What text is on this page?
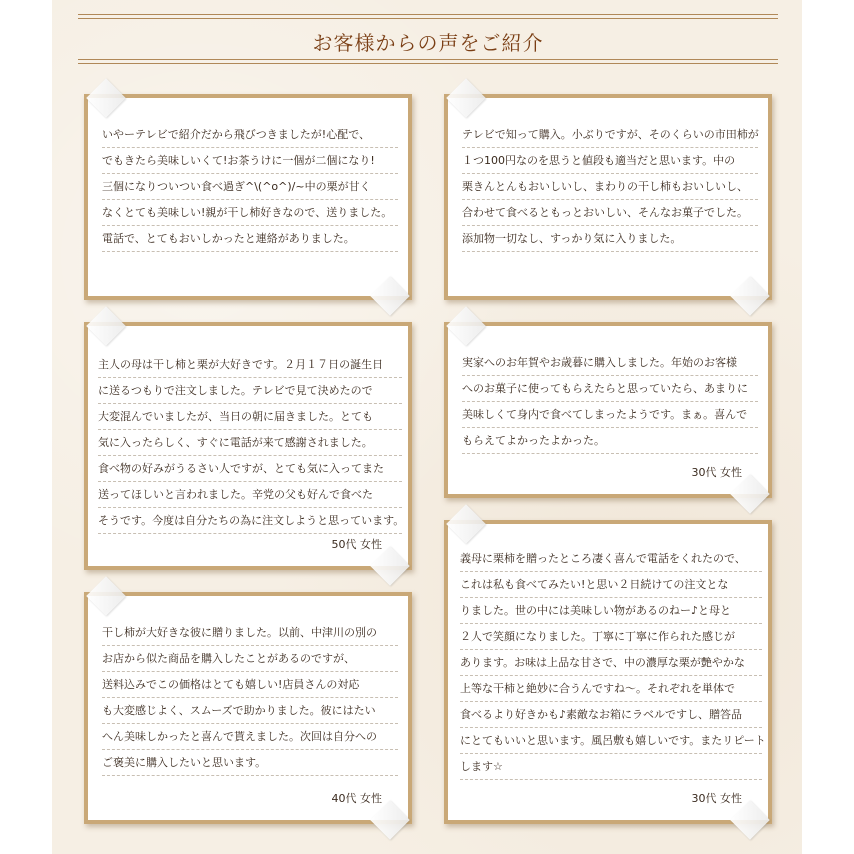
お客様からの声をご紹介
いやーテレビで紹介だから飛びつきましたが!心配で、
でもきたら美味しいくて!お茶うけに一個が二個になり!
三個になりついつい食べ過ぎ^\(^o^)/~中の栗が甘く
なくとても美味しい!親が干し柿好きなので、送りました。
電話で、とてもおいしかったと連絡がありました。
テレビで知って購入。小ぶりですが、そのくらいの市田柿が
１つ100円なのを思うと値段も適当だと思います。中の
栗きんとんもおいしいし、まわりの干し柿もおいしいし、
合わせて食べるともっとおいしい、そんなお菓子でした。
添加物一切なし、すっかり気に入りました。
主人の母は干し柿と栗が大好きです。２月１７日の誕生日
に送るつもりで注文しました。テレビで見て決めたので
大変混んでいましたが、当日の朝に届きました。とても
気に入ったらしく、すぐに電話が来て感謝されました。
食べ物の好みがうるさい人ですが、とても気に入ってまた
送ってほしいと言われました。辛党の父も好んで食べた
そうです。今度は自分たちの為に注文しようと思っています。
50代 女性
実家へのお年賀やお歳暮に購入しました。年始のお客様
へのお菓子に使ってもらえたらと思っていたら、あまりに
美味しくて身内で食べてしまったようです。まぁ。喜んで
もらえてよかったよかった。
30代 女性
干し柿が大好きな彼に贈りました。以前、中津川の別の
お店から似た商品を購入したことがあるのですが、
送料込みでこの価格はとても嬉しい!店員さんの対応
も大変感じよく、スムーズで助かりました。彼にはたい
へん美味しかったと喜んで貰えました。次回は自分への
ご褒美に購入したいと思います。
40代 女性
義母に栗柿を贈ったところ凄く喜んで電話をくれたので、
これは私も食べてみたい!と思い２日続けての注文とな
りました。世の中には美味しい物があるのねー♪と母と
２人で笑顔になりました。丁寧に丁寧に作られた感じが
あります。お味は上品な甘さで、中の濃厚な栗が艶やかな
上等な干柿と絶妙に合うんですね～。それぞれを単体で
食べるより好きかも♪素敵なお箱にラベルですし、贈答品
にとてもいいと思います。風呂敷も嬉しいです。またリピート
します☆
30代 女性
